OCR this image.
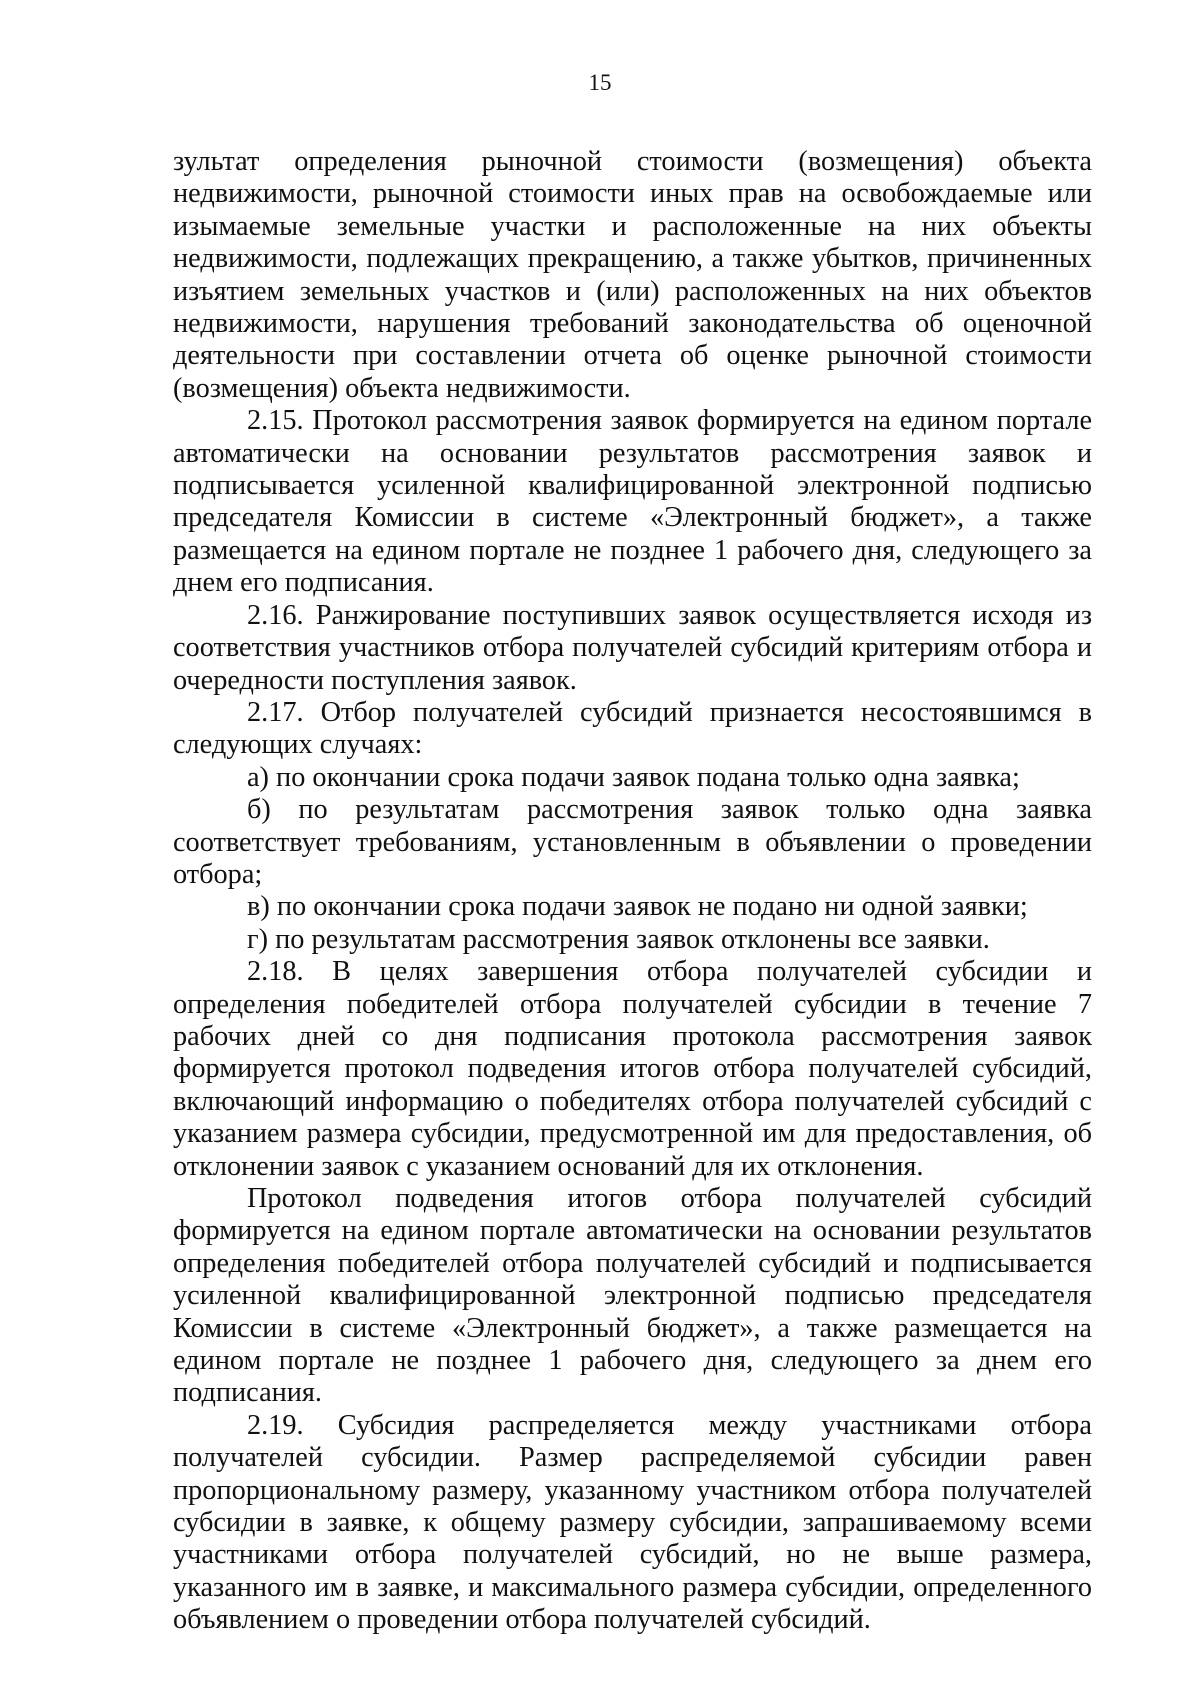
15

зультат определения рыночной стоимости (возмещения) объекта недвижимости, рыночной стоимости иных прав на освобождаемые или изымаемые земельные участки и расположенные на них объекты недвижимости, подлежащих прекращению, а также убытков, причиненных изъятием земельных участков и (или) расположенных на них объектов недвижимости, нарушения требований законодательства об оценочной деятельности при составлении отчета об оценке рыночной стоимости (возмещения) объекта недвижимости.

2.15. Протокол рассмотрения заявок формируется на едином портале автоматически на основании результатов рассмотрения заявок и подписывается усиленной квалифицированной электронной подписью председателя Комиссии в системе «Электронный бюджет», а также размещается на едином портале не позднее 1 рабочего дня, следующего за днем его подписания.

2.16. Ранжирование поступивших заявок осуществляется исходя из соответствия участников отбора получателей субсидий критериям отбора и очередности поступления заявок.

2.17. Отбор получателей субсидий признается несостоявшимся в следующих случаях:

а) по окончании срока подачи заявок подана только одна заявка;

б) по результатам рассмотрения заявок только одна заявка соответствует требованиям, установленным в объявлении о проведении отбора;

в) по окончании срока подачи заявок не подано ни одной заявки;

г) по результатам рассмотрения заявок отклонены все заявки.

2.18. В целях завершения отбора получателей субсидии и определения победителей отбора получателей субсидии в течение 7 рабочих дней со дня подписания протокола рассмотрения заявок формируется протокол подведения итогов отбора получателей субсидий, включающий информацию о победителях отбора получателей субсидий с указанием размера субсидии, предусмотренной им для предоставления, об отклонении заявок с указанием оснований для их отклонения.

Протокол подведения итогов отбора получателей субсидий формируется на едином портале автоматически на основании результатов определения победителей отбора получателей субсидий и подписывается усиленной квалифицированной электронной подписью председателя Комиссии в системе «Электронный бюджет», а также размещается на едином портале не позднее 1 рабочего дня, следующего за днем его подписания.

2.19. Субсидия распределяется между участниками отбора получателей субсидии. Размер распределяемой субсидии равен пропорциональному размеру, указанному участником отбора получателей субсидии в заявке, к общему размеру субсидии, запрашиваемому всеми участниками отбора получателей субсидий, но не выше размера, указанного им в заявке, и максимального размера субсидии, определенного объявлением о проведении отбора получателей субсидий.
